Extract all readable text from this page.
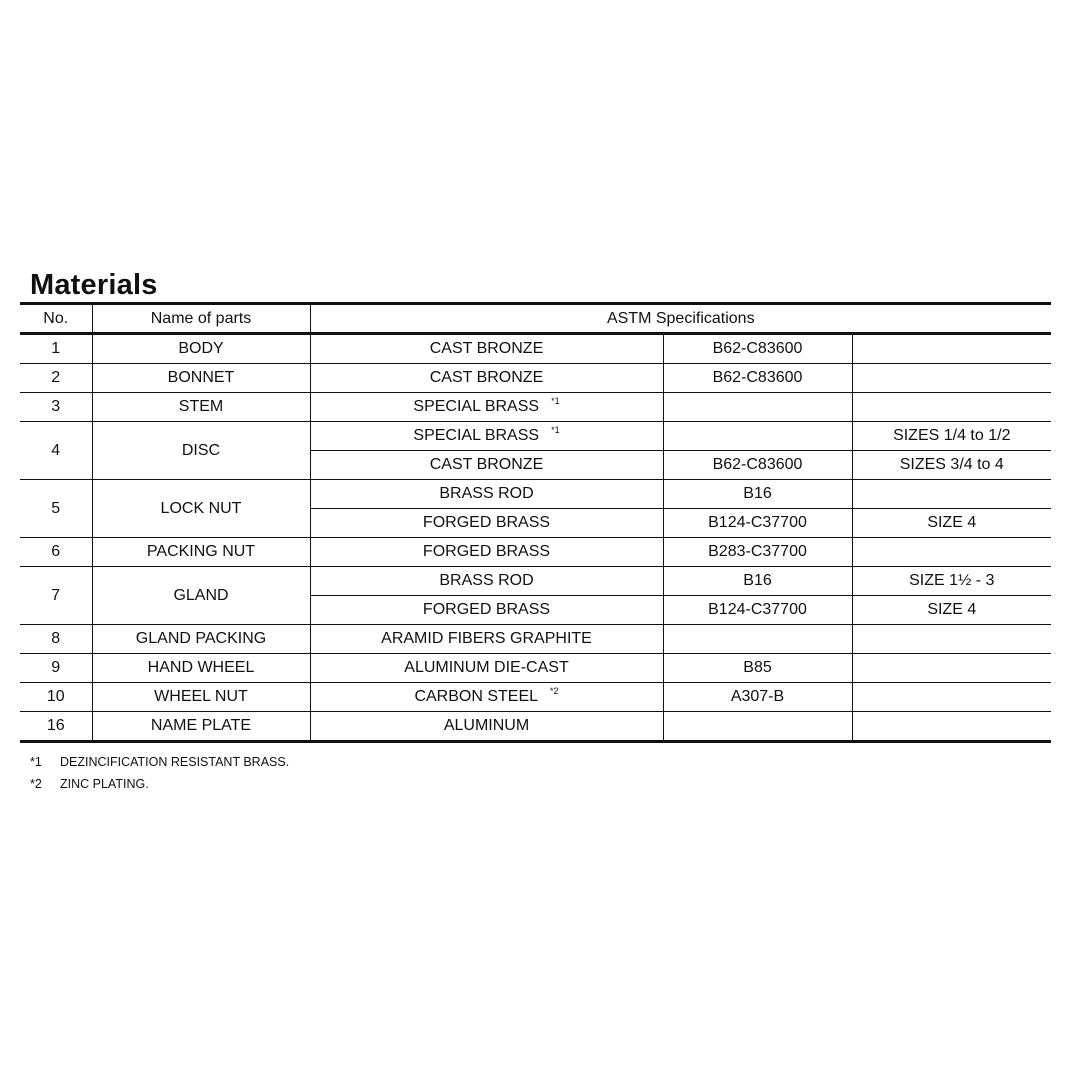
Materials
No.	Name of parts	ASTM Specifications		
1	BODY	CAST BRONZE	B62-C83600	
2	BONNET	CAST BRONZE	B62-C83600	
3	STEM	SPECIAL BRASS $^{*1}$		
4	DISC	SPECIAL BRASS $^{*1}$		SIZES 1/4 to 1/2
		CAST BRONZE	B62-C83600	SIZES 3/4 to 4
5	LOCK NUT	BRASS ROD	B16	
		FORGED BRASS	B124-C37700	SIZE 4
6	PACKING NUT	FORGED BRASS	B283-C37700	
7	GLAND	BRASS ROD	B16	SIZE 1½ - 3
		FORGED BRASS	B124-C37700	SIZE 4
8	GLAND PACKING	ARAMID FIBERS GRAPHITE		
9	HAND WHEEL	ALUMINUM DIE-CAST	B85	
10	WHEEL NUT	CARBON STEEL $^{*2}$	A307-B	
16	NAME PLATE	ALUMINUM		
*1 DEZINCIFICATION RESISTANT BRASS.
*2 ZINC PLATING.
